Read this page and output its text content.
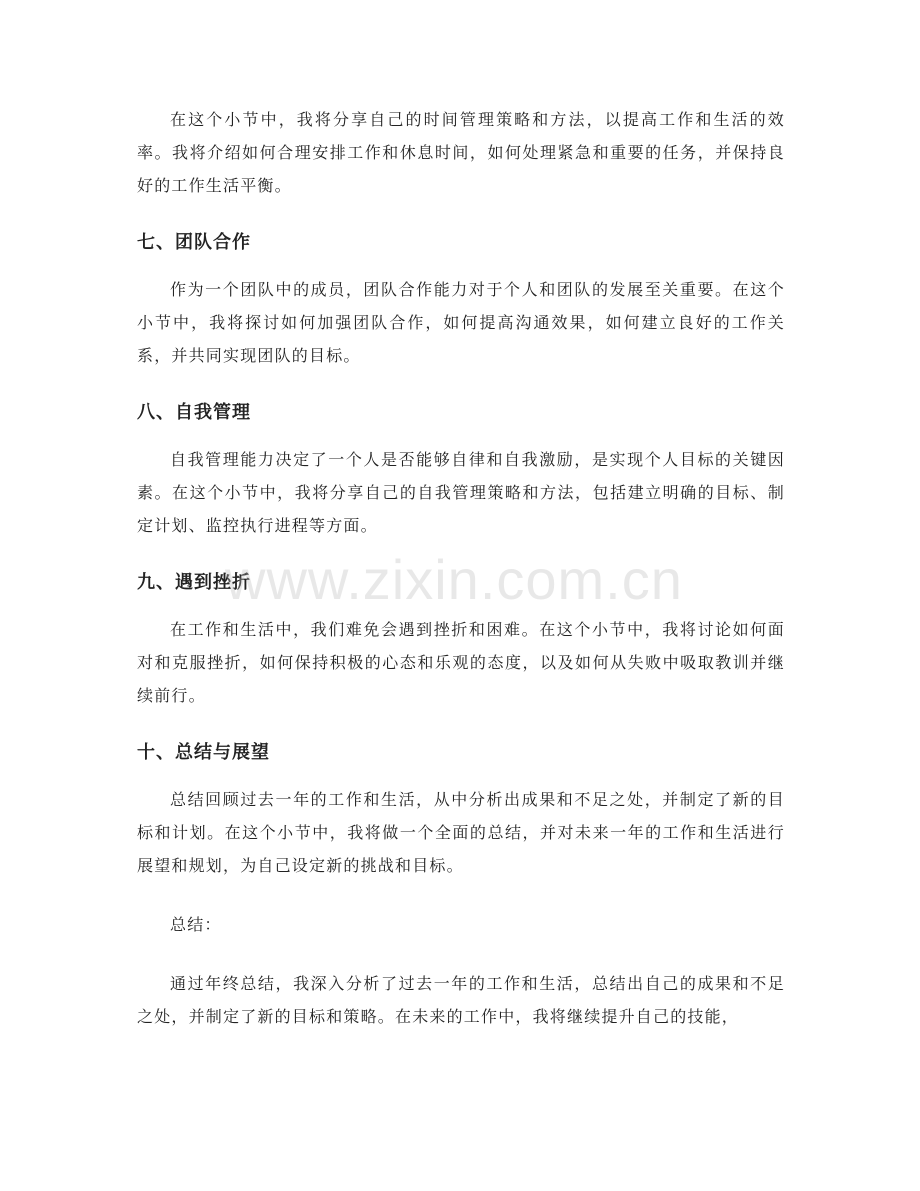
在这个小节中，我将分享自己的时间管理策略和方法，以提高工作和生活的效率。我将介绍如何合理安排工作和休息时间，如何处理紧急和重要的任务，并保持良好的工作生活平衡。

七、团队合作

作为一个团队中的成员，团队合作能力对于个人和团队的发展至关重要。在这个小节中，我将探讨如何加强团队合作，如何提高沟通效果，如何建立良好的工作关系，并共同实现团队的目标。

八、自我管理

自我管理能力决定了一个人是否能够自律和自我激励，是实现个人目标的关键因素。在这个小节中，我将分享自己的自我管理策略和方法，包括建立明确的目标、制定计划、监控执行进程等方面。

九、遇到挫折

在工作和生活中，我们难免会遇到挫折和困难。在这个小节中，我将讨论如何面对和克服挫折，如何保持积极的心态和乐观的态度，以及如何从失败中吸取教训并继续前行。

十、总结与展望

总结回顾过去一年的工作和生活，从中分析出成果和不足之处，并制定了新的目标和计划。在这个小节中，我将做一个全面的总结，并对未来一年的工作和生活进行展望和规划，为自己设定新的挑战和目标。

总结：

通过年终总结，我深入分析了过去一年的工作和生活，总结出自己的成果和不足之处，并制定了新的目标和策略。在未来的工作中，我将继续提升自己的技能，

www.zixin.com.cn
